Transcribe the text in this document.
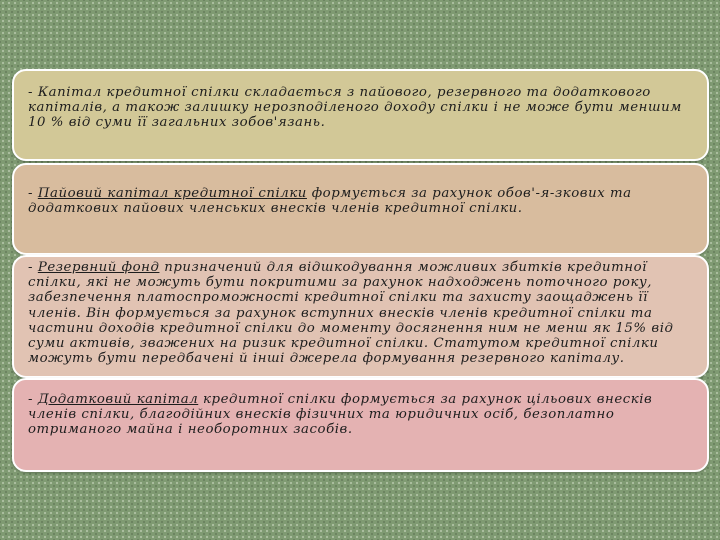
- Капітал кредитної спілки складається з пайового, резервного та додаткового капіталів, а також залишку нерозподіленого доходу спілки і не може бути меншим 10 % від суми її загальних зобов'язань.
- Пайовий капітал кредитної спілки формується за рахунок обов'-я-зкових та додаткових пайових членських внесків членів кредитної спілки.
- Резервний фонд призначений для відшкодування можливих збитків кредитної спілки, які не можуть бути покритими за рахунок надходжень поточного року, забезпечення платоспроможності кредитної спілки та захисту заощаджень її членів. Він формується за рахунок вступних внесків членів кредитної спілки та частини доходів кредитної спілки до моменту досягнення ним не менш як 15% від суми активів, зважених на ризик кредитної спілки. Статутом кредитної спілки можуть бути передбачені й інші джерела формування резервного капіталу.
- Додатковий капітал кредитної спілки формується за рахунок цільових внесків членів спілки, благодійних внесків фізичних та юридичних осіб, безоплатно отриманого майна і необоротних засобів.
